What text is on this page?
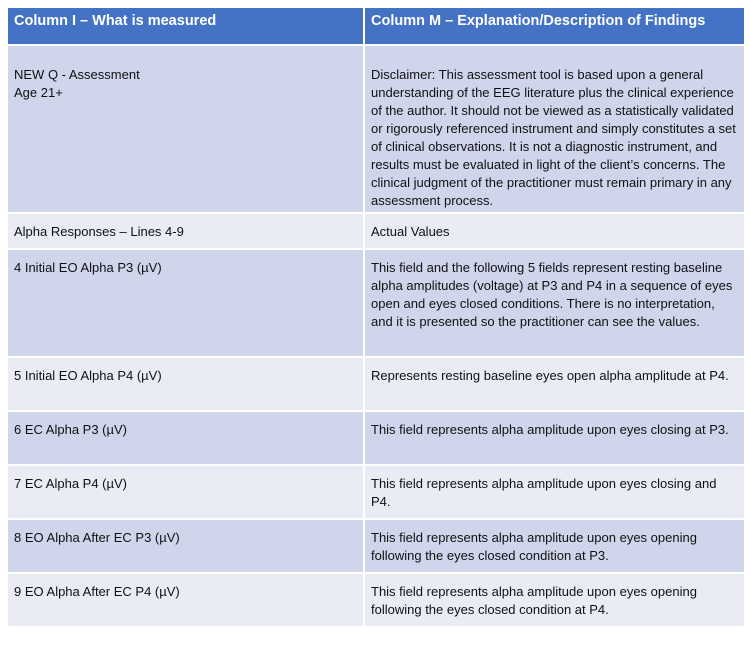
Column I – What is measured	Column M – Explanation/Description of Findings

NEW Q - Assessment
Age 21+	Disclaimer: This assessment tool is based upon a general understanding of the EEG literature plus the clinical experience of the author. It should not be viewed as a statistically validated or rigorously referenced instrument and simply constitutes a set of clinical observations. It is not a diagnostic instrument, and results must be evaluated in light of the client’s concerns. The clinical judgment of the practitioner must remain primary in any assessment process.
Alpha Responses – Lines 4-9	Actual Values
4 Initial EO Alpha P3 (µV)	This field and the following 5 fields represent resting baseline alpha amplitudes (voltage) at P3 and P4 in a sequence of eyes open and eyes closed conditions. There is no interpretation, and it is presented so the practitioner can see the values.
5 Initial EO Alpha P4 (µV)	Represents resting baseline eyes open alpha amplitude at P4.
6 EC Alpha P3 (µV)	This field represents alpha amplitude upon eyes closing at P3.
7 EC Alpha P4 (µV)	This field represents alpha amplitude upon eyes closing and P4.
8 EO Alpha After EC P3 (µV)	This field represents alpha amplitude upon eyes opening following the eyes closed condition at P3.
9 EO Alpha After EC P4 (µV)	This field represents alpha amplitude upon eyes opening following the eyes closed condition at P4.
